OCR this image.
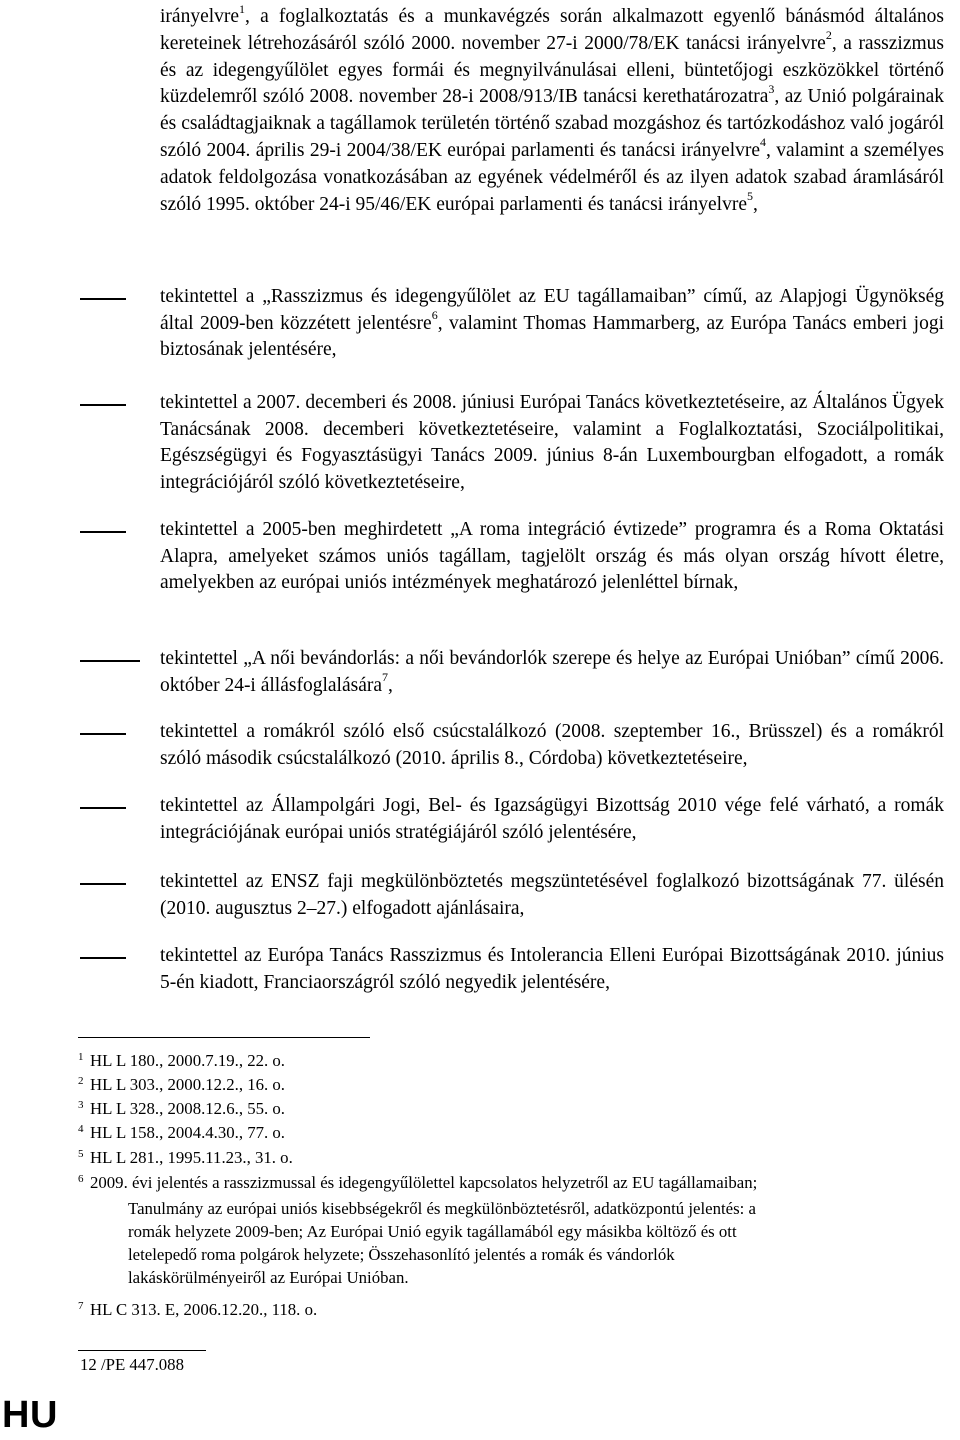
irányelvre$^1$, a foglalkoztatás és a munkavégzés során alkalmazott egyenlő bánásmód általános kereteinek létrehozásáról szóló 2000. november 27-i 2000/78/EK tanácsi irányelvre$^2$, a rasszizmus és az idegengyűlölet egyes formái és megnyilvánulásai elleni, büntetőjogi eszközökkel történő küzdelemről szóló 2008. november 28-i 2008/913/IB tanácsi kerethatározatra$^3$, az Unió polgárainak és családtagjaiknak a tagállamok területén történő szabad mozgáshoz és tartózkodáshoz való jogáról szóló 2004. április 29-i 2004/38/EK európai parlamenti és tanácsi irányelvre$^4$, valamint a személyes adatok feldolgozása vonatkozásában az egyének védelméről és az ilyen adatok szabad áramlásáról szóló 1995. október 24-i 95/46/EK európai parlamenti és tanácsi irányelvre$^5$,

tekintettel a „Rasszizmus és idegengyűlölet az EU tagállamaiban” című, az Alapjogi Ügynökség által 2009-ben közzétett jelentésre$^6$, valamint Thomas Hammarberg, az Európa Tanács emberi jogi biztosának jelentésére,

tekintettel a 2007. decemberi és 2008. júniusi Európai Tanács következtetéseire, az Általános Ügyek Tanácsának 2008. decemberi következtetéseire, valamint a Foglalkoztatási, Szociálpolitikai, Egészségügyi és Fogyasztásügyi Tanács 2009. június 8-án Luxembourgban elfogadott, a romák integrációjáról szóló következtetéseire,

tekintettel a 2005-ben meghirdetett „A roma integráció évtizede” programra és a Roma Oktatási Alapra, amelyeket számos uniós tagállam, tagjelölt ország és más olyan ország hívott életre, amelyekben az európai uniós intézmények meghatározó jelenléttel bírnak,

tekintettel „A női bevándorlás: a női bevándorlók szerepe és helye az Európai Unióban” című 2006. október 24-i állásfoglalására$^7$,

tekintettel a romákról szóló első csúcstalálkozó (2008. szeptember 16., Brüsszel) és a romákról szóló második csúcstalálkozó (2010. április 8., Córdoba) következtetéseire,

tekintettel az Állampolgári Jogi, Bel- és Igazságügyi Bizottság 2010 vége felé várható, a romák integrációjának európai uniós stratégiájáról szóló jelentésére,

tekintettel az ENSZ faji megkülönböztetés megszüntetésével foglalkozó bizottságának 77. ülésén (2010. augusztus 2–27.) elfogadott ajánlásaira,

tekintettel az Európa Tanács Rasszizmus és Intolerancia Elleni Európai Bizottságának 2010. június 5-én kiadott, Franciaországról szóló negyedik jelentésére,

1 HL L 180., 2000.7.19., 22. o.

2 HL L 303., 2000.12.2., 16. o.

3 HL L 328., 2008.12.6., 55. o.

4 HL L 158., 2004.4.30., 77. o.

5 HL L 281., 1995.11.23., 31. o.

6 2009. évi jelentés a rasszizmussal és idegengyűlölettel kapcsolatos helyzetről az EU tagállamaiban;
Tanulmány az európai uniós kisebbségekről és megkülönböztetésről, adatközpontú jelentés: a
romák helyzete 2009-ben; Az Európai Unió egyik tagállamából egy másikba költöző és ott
letelepedő roma polgárok helyzete; Összehasonlító jelentés a romák és vándorlók
lakáskörülményeiről az Európai Unióban.

7 HL C 313. E, 2006.12.20., 118. o.

12 /PE 447.088
HU
